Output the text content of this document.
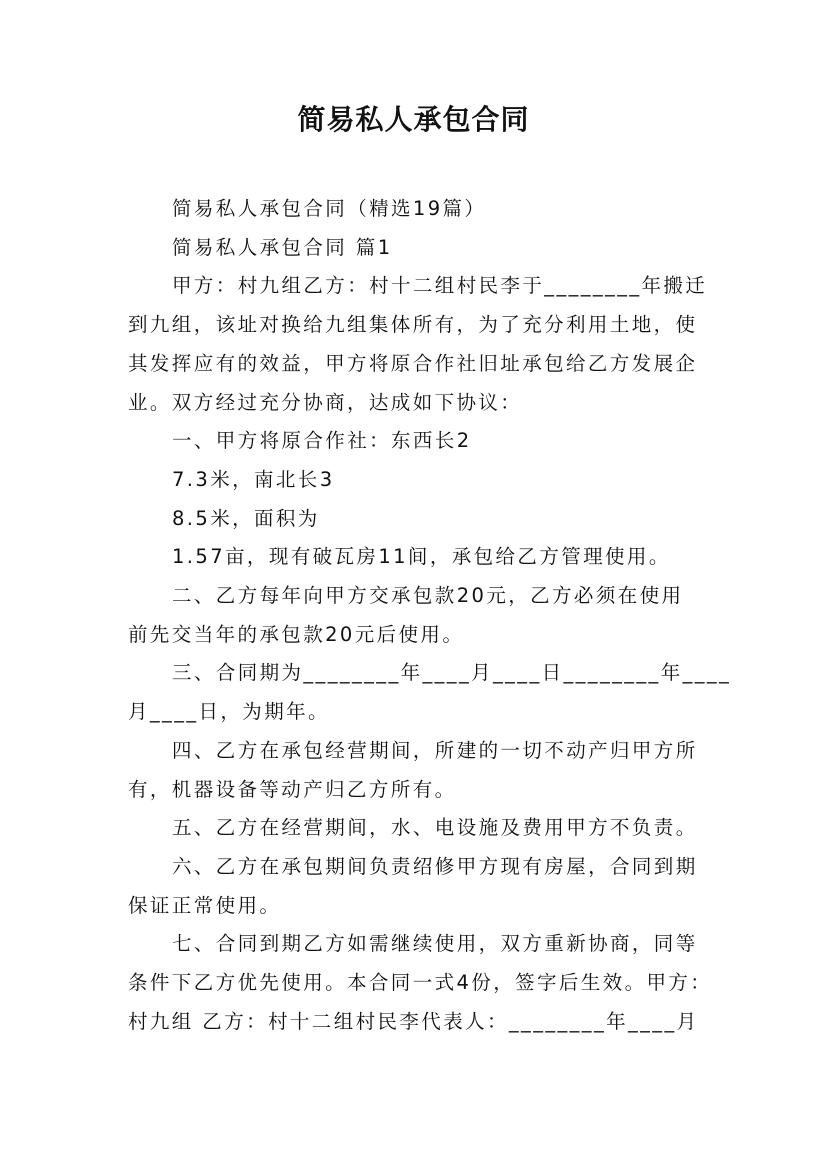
简易私人承包合同
简易私人承包合同（精选19篇）
简易私人承包合同 篇1
甲方：村九组乙方：村十二组村民李于________年搬迁
到九组，该址对换给九组集体所有，为了充分利用土地，使
其发挥应有的效益，甲方将原合作社旧址承包给乙方发展企
业。双方经过充分协商，达成如下协议：
一、甲方将原合作社：东西长2
7.3米，南北长3
8.5米，面积为
1.57亩，现有破瓦房11间，承包给乙方管理使用。
二、乙方每年向甲方交承包款20元，乙方必须在使用
前先交当年的承包款20元后使用。
三、合同期为________年____月____日________年____
月____日，为期年。
四、乙方在承包经营期间，所建的一切不动产归甲方所
有，机器设备等动产归乙方所有。
五、乙方在经营期间，水、电设施及费用甲方不负责。
六、乙方在承包期间负责绍修甲方现有房屋，合同到期
保证正常使用。
七、合同到期乙方如需继续使用，双方重新协商，同等
条件下乙方优先使用。本合同一式4份，签字后生效。甲方：
村九组 乙方：村十二组村民李代表人：________年____月
